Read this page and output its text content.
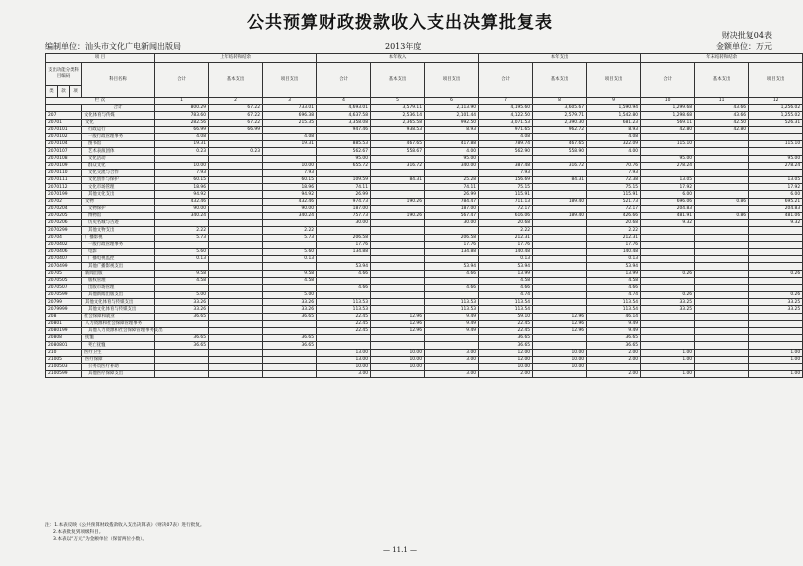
公共预算财政拨款收入支出决算批复表
财决批复04表
编制单位：汕头市文化广电新闻出版局	2013年度	金额单位：万元
项 目				上年结转和结余			本年收入			本年支出			年末结转和结余		
支出功能分类科目编码			科目名称	合计	基本支出	项目支出	合计	基本支出	项目支出	合计	基本支出	项目支出	合计	基本支出	项目支出
类	款	项													
栏 次				1	2	3	4	5	6	7	8	9	10	11	12
			合计	800.29	67.22	733.01	4,693.01	3,579.11	2,113.90	4,195.60	3,605.67	1,590.94	1,299.68	43.66	1,256.02
207			文化体育与传媒	783.60	67.22	696.38	4,637.58	2,536.14	2,101.44	4,122.50	2,579.71	1,542.80	1,298.68	43.66	1,255.02
20701			文化	282.56	67.22	215.35	3,358.08	2,365.58	992.50	3,071.53	2,390.30	681.23	569.11	42.50	526.31
2070101			行政运行	66.99	66.99		947.46	938.53	8.93	971.65	962.72	8.93	42.80	42.80	
2070102			一般行政管理事务	4.08		4.08				4.08		4.08			
2070104			图书馆	19.31		19.31	885.53	467.65	417.88	789.74	467.65	322.09	115.10		115.10
2070107			艺术表演团体	0.23	0.23		562.67	558.67	4.00	562.90	558.90	4.00			
2070108			文化活动				95.00		95.00				95.00		95.00
2070109			群众文化	10.00		10.00	655.72	316.72	340.00	387.48	316.72	70.76	278.24		278.24
2070110			文化交流与合作	7.93		7.93				7.93		7.93			
2070111			文化创作与保护	60.15		60.15	109.59	84.31	25.28	156.69	84.31	72.38	13.05		13.05
2070112			文化市场管理	18.96		18.96	74.11		74.11	75.15		75.15	17.92		17.92
2070199			其他文化支出	94.92		94.92	26.99		26.99	115.91		115.91	6.00		6.00
20702			文物	432.46		432.46	974.73	190.26	784.47	711.13	189.40	521.73	696.06	0.86	695.21
2070204			文物保护	90.00		90.00	187.00		187.00	72.17		72.17	204.83		204.83
2070205			博物馆	340.24		340.24	757.73	190.26	567.47	616.06	189.40	426.66	481.91	0.86	481.06
2070206			历史名城与古迹				30.00		30.00	20.68		20.68	9.32		9.32
2070299			其他文物支出	2.22		2.22				2.22		2.22			
20704			广播影视	5.73		5.73	206.58		206.58	212.31		212.31			
2070402			一般行政管理事务				17.76		17.76	17.76		17.76			
2070406			电影	5.60		5.60	134.88		134.88	140.48		140.48			
2070407			广播电视监控	0.13		0.13				0.13		0.13			
2070499			其他广播影视支出				53.94		53.94	53.94		53.94			
20705			新闻出版	9.58		9.58	4.66		4.66	13.99		13.99	0.26		0.26
2070505			版权管理	4.58		4.58				4.58		4.58			
2070507			出版市场管理				4.66		4.66	4.66		4.66			
2070599			其他新闻出版支出	5.00		5.00				4.74		4.74	0.26		0.26
20799			其他文化体育与传媒支出	33.26		33.26	113.53		113.53	113.54		113.54	33.25		33.25
2079999			其他文化体育与传媒支出	33.26		33.26	113.53		113.53	113.54		113.54	33.25		33.25
208			社会保障和就业	36.65		36.65	22.45	12.96	9.49	59.10	12.96	46.14			
20801			人力资源和社会保障管理事务				22.45	12.96	9.49	22.45	12.96	9.49			
2080199			其他人力资源和社会保障管理事务支出				22.45	12.96	9.49	22.45	12.96	9.49			
20808			抚恤	36.65		36.65				36.65		36.65			
2080801			死亡抚恤	36.65		36.65				36.65		36.65			
210			医疗卫生				13.00	10.00	3.00	12.00	10.00	2.00	1.00		1.00
21005			医疗保障				13.00	10.00	3.00	12.00	10.00	2.00	1.00		1.00
2100503			公务员医疗补助				10.00	10.00		10.00	10.00				
2100599			其他医疗保障支出				3.00		3.00	2.00		2.00	1.00		1.00
注：1.本表反映《公共预算财政拨款收入支出决算表》（财决07表）进行批复。
2.本表批复到项级科目。
3.本表以“万元”为金额单位（保留两位小数）。
— 11.1 —
